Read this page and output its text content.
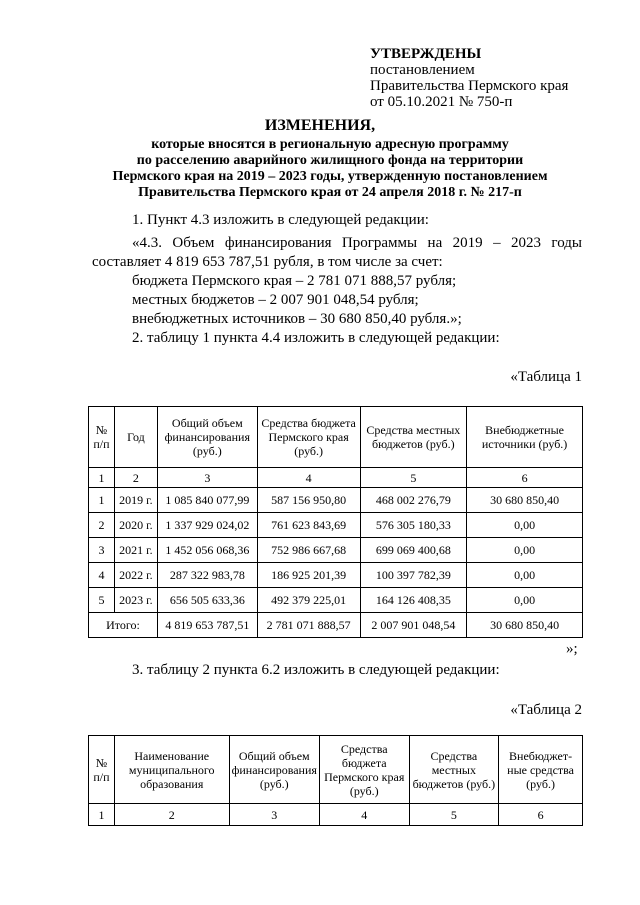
УТВЕРЖДЕНЫ
постановлением
Правительства Пермского края
от 05.10.2021 № 750-п
ИЗМЕНЕНИЯ,
которые вносятся в региональную адресную программу
по расселению аварийного жилищного фонда на территории
Пермского края на 2019 – 2023 годы, утвержденную постановлением
Правительства Пермского края от 24 апреля 2018 г. № 217-п
1. Пункт 4.3 изложить в следующей редакции:
«4.3. Объем финансирования Программы на 2019 – 2023 годы
составляет 4 819 653 787,51 рубля, в том числе за счет:
бюджета Пермского края – 2 781 071 888,57 рубля;
местных бюджетов – 2 007 901 048,54 рубля;
внебюджетных источников – 30 680 850,40 рубля.»;
2. таблицу 1 пункта 4.4 изложить в следующей редакции:
«Таблица 1
№ п/п	Год	Общий объем финансирования (руб.)	Средства бюджета Пермского края (руб.)	Средства местных бюджетов (руб.)	Внебюджетные источники (руб.)
1	2	3	4	5	6
1	2019 г.	1 085 840 077,99	587 156 950,80	468 002 276,79	30 680 850,40
2	2020 г.	1 337 929 024,02	761 623 843,69	576 305 180,33	0,00
3	2021 г.	1 452 056 068,36	752 986 667,68	699 069 400,68	0,00
4	2022 г.	287 322 983,78	186 925 201,39	100 397 782,39	0,00
5	2023 г.	656 505 633,36	492 379 225,01	164 126 408,35	0,00
Итого:		4 819 653 787,51	2 781 071 888,57	2 007 901 048,54	30 680 850,40
»;
3. таблицу 2 пункта 6.2 изложить в следующей редакции:
«Таблица 2
№ п/п	Наименование муниципального образования	Общий объем финансирования (руб.)	Средства бюджета Пермского края (руб.)	Средства местных бюджетов (руб.)	Внебюджет-ные средства (руб.)
1	2	3	4	5	6
